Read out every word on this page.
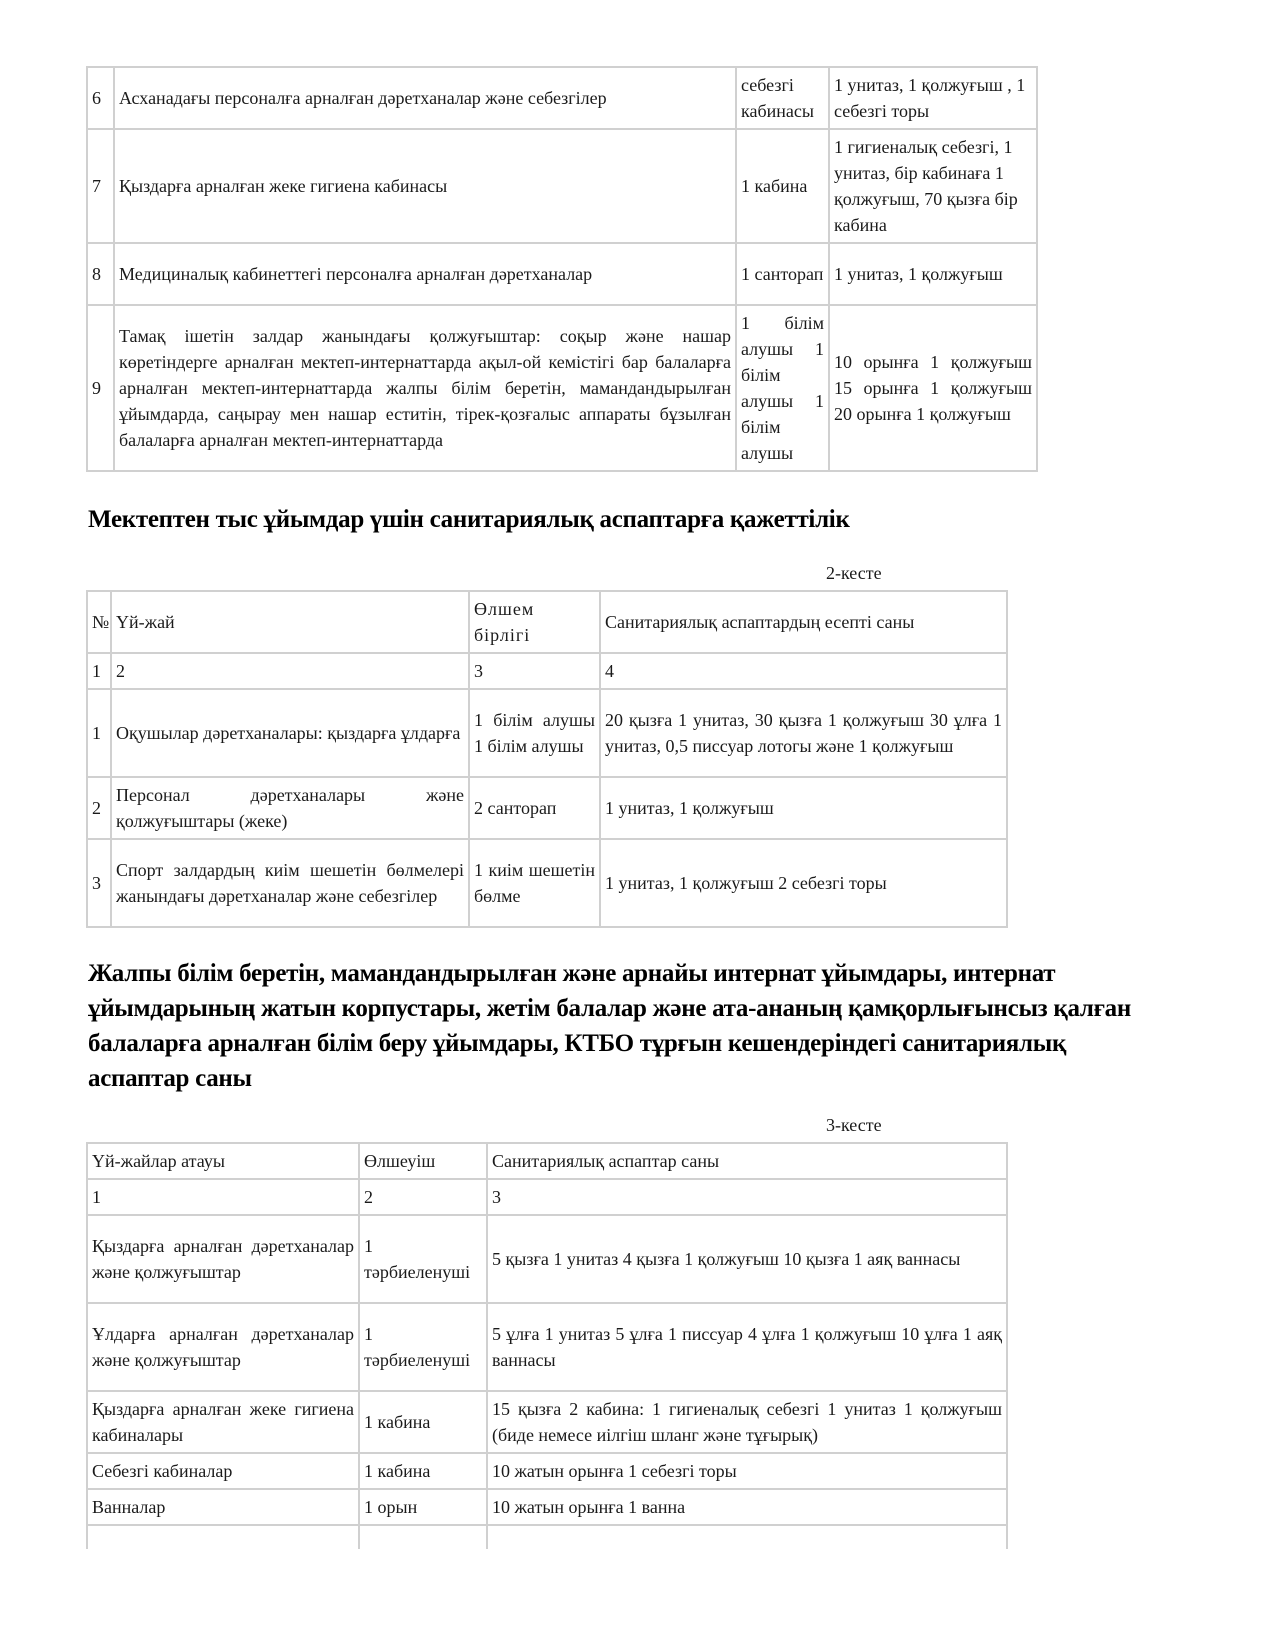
6	Асханадағы персоналға арналған дәретханалар және себезгілер	себезгі кабинасы	1 унитаз, 1 қолжуғыш , 1 себезгі торы
7	Қыздарға арналған жеке гигиена кабинасы	1 кабина	1 гигиеналық себезгі, 1 унитаз, бір кабинаға 1 қолжуғыш, 70 қызға бір кабина
8	Медициналық кабинеттегі персоналға арналған дәретханалар	1 санторап	1 унитаз, 1 қолжуғыш
9	Тамақ ішетін залдар жанындағы қолжуғыштар: соқыр және нашар көретіндерге арналған мектеп-интернаттарда ақыл-ой кемістігі бар балаларға арналған мектеп-интернаттарда жалпы білім беретін, мамандандырылған ұйымдарда, саңырау мен нашар еститін, тірек-қозғалыс аппараты бұзылған балаларға арналған мектеп-интернаттарда	1 білім алушы 1 білім алушы 1 білім алушы	10 орынға 1 қолжуғыш 15 орынға 1 қолжуғыш 20 орынға 1 қолжуғыш
Мектептен тыс ұйымдар үшін санитариялық аспаптарға қажеттілік
2-кесте
№	Үй-жай	Өлшем бірлігі	Санитариялық аспаптардың есепті саны
1	2	3	4
1	Оқушылар дәретханалары: қыздарға ұлдарға	1 білім алушы 1 білім алушы	20 қызға 1 унитаз, 30 қызға 1 қолжуғыш 30 ұлға 1 унитаз, 0,5 писсуар лотогы және 1 қолжуғыш
2	Персонал дәретханалары және қолжуғыштары (жеке)	2 санторап	1 унитаз, 1 қолжуғыш
3	Спорт залдардың киім шешетін бөлмелері жанындағы дәретханалар және себезгілер	1 киім шешетін бөлме	1 унитаз, 1 қолжуғыш 2 себезгі торы
Жалпы білім беретін, мамандандырылған және арнайы интернат ұйымдары, интернат ұйымдарының жатын корпустары, жетім балалар және ата-ананың қамқорлығынсыз қалған балаларға арналған білім беру ұйымдары, КТБО тұрғын кешендеріндегі санитариялық аспаптар саны
3-кесте
Үй-жайлар атауы	Өлшеуіш	Санитариялық аспаптар саны
1	2	3
Қыздарға арналған дәретханалар және қолжуғыштар	1 тәрбиеленуші	5 қызға 1 унитаз 4 қызға 1 қолжуғыш 10 қызға 1 аяқ ваннасы
Ұлдарға арналған дәретханалар және қолжуғыштар	1 тәрбиеленуші	5 ұлға 1 унитаз 5 ұлға 1 писсуар 4 ұлға 1 қолжуғыш 10 ұлға 1 аяқ ваннасы
Қыздарға арналған жеке гигиена кабиналары	1 кабина	15 қызға 2 кабина: 1 гигиеналық себезгі 1 унитаз 1 қолжуғыш (биде немесе иілгіш шланг және тұғырық)
Себезгі кабиналар	1 кабина	10 жатын орынға 1 себезгі торы
Ванналар	1 орын	10 жатын орынға 1 ванна
